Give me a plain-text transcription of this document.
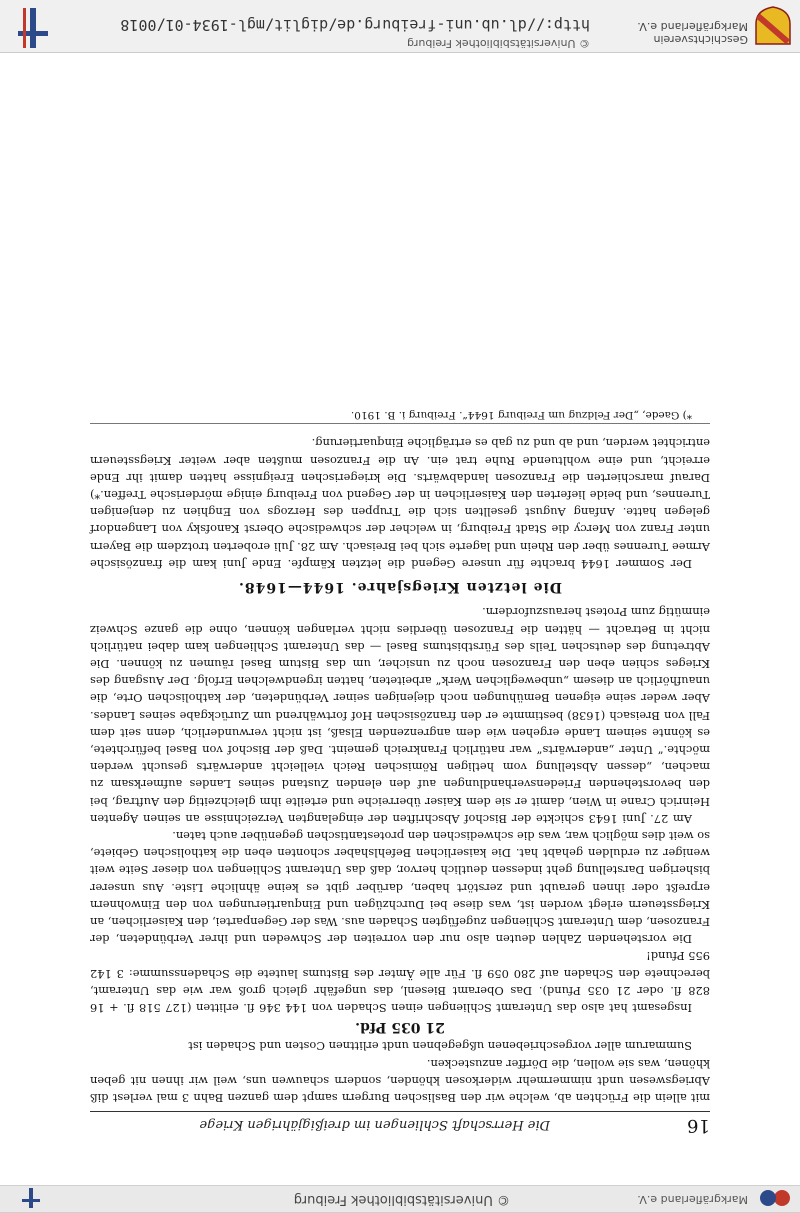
Markgräflerland e.V.
© Universitätsbibliothek Freiburg
16
Die Herrschaft Schliengen im dreißigjährigen Kriege

mit allein die Früchten ab, welche wir den Baslischen Burgern sampt dem ganzen Bahn 3 mal verlest diß Abriegswesen undt nimmermehr widerkosen khönden, sondern schauwen uns, weil wir ihnen nit geben khönen, was sie wollen, die Dörffer anzustecken.

Summarum aller vorgeschriebenen ußgegebnen undt erlittnen Costen und Schaden ist

21 035 Pfd.

Insgesamt hat also das Unteramt Schliengen einen Schaden von 144 346 fl. erlitten (127 518 fl. + 16 828 fl. oder 21 035 Pfund). Das Oberamt Biesenl, das ungefähr gleich groß war wie das Unteramt, berechnete den Schaden auf 280 059 fl. Für alle Ämter des Bistums lautete die Schadenssumme: 3 142 955 Pfund!

Die vorstehenden Zahlen deuten also nur den vorreiten der Schweden und ihrer Verbündeten, der Franzosen, dem Unteramt Schliengen zugefügten Schaden aus. Was der Gegenpartei, den Kaiserlichen, an Kriegssteuern erlegt worden ist, was diese bei Durchzügen und Einquartierungen von den Einwohnern erpreßt oder ihnen geraubt und zerstört haben, darüber gibt es keine ähnliche Liste. Aus unserer bisherigen Darstellung geht indessen deutlich hervor, daß das Unteramt Schliengen von dieser Seite weit weniger zu erdulden gehabt hat. Die kaiserlichen Befehlshaber schonten eben die katholischen Gebiete, so weit dies möglich war, was die schwedischen den protestantischen gegenüber auch taten.

Am 27. Juni 1643 schickte der Bischof Abschriften der eingelangten Verzeichnisse an seinen Agenten Heinrich Crane in Wien, damit er sie dem Kaiser überreiche und erteilte ihm gleichzeitig den Auftrag, bei den bevorstehenden Friedensverhandlungen auf den elenden Zustand seines Landes aufmerksam zu machen, „dessen Abstellung vom hetligen Römischen Reich vielleicht anderwärts gesucht werden möchte.“ Unter „anderwärts“ war natürlich Frankreich gemeint. Daß der Bischof von Basel befürchtete, es könnte seinem Lande ergehen wie dem angrenzenden Elsaß, ist nicht verwunderlich, denn seit dem Fall von Breisach (1638) bestimmte er den französischen Hof fortwährend um Zurückgabe seines Landes. Aber weder seine eigenen Bemühungen noch diejenigen seiner Verbündeten, der katholischen Orte, die unaufhörlich an diesem „unbeweglichen Werk“ arbeiteten, hatten irgendwelchen Erfolg. Der Ausgang des Krieges schien eben den Franzosen noch zu unsicher, um das Bistum Basel räumen zu können. Die Abtretung des deutschen Teils des Fürstbistums Basel — das Unteramt Schliengen kam dabei natürlich nicht in Betracht — hätten die Franzosen überdies nicht verlangen können, ohne die ganze Schweiz einmütig zum Protest herauszufordern.

Die letzten Kriegsjahre. 1644—1648.

Der Sommer 1644 brachte für unsere Gegend die letzten Kämpfe. Ende Juni kam die französische Armee Turennes über den Rhein und lagerte sich bei Breisach. Am 28. Juli eroberten trotzdem die Bayern unter Franz von Mercy die Stadt Freiburg, in welcher der schwedische Oberst Kanofsky von Langendorf gelegen hatte. Anfang August gesellten sich die Truppen des Herzogs von Enghien zu denjenigen Turennes, und beide lieferten den Kaiserlichen in der Gegend von Freiburg einige mörderische Treffen.*) Darauf marschierten die Franzosen landabwärts. Die kriegerischen Ereignisse hatten damit ihr Ende erreicht, und eine wohltuende Ruhe trat ein. An die Franzosen mußten aber weiter Kriegssteuern entrichtet werden, und ab und zu gab es erträgliche Einquartierung.

*) Gaede, „Der Feldzug um Freiburg 1644“. Freiburg i. B. 1910.

Geschichtsverein Markgräflerland e.V.
© Universitätsbibliothek Freiburg
http://dl.ub.uni-freiburg.de/diglit/mgl-1934-01/0018
